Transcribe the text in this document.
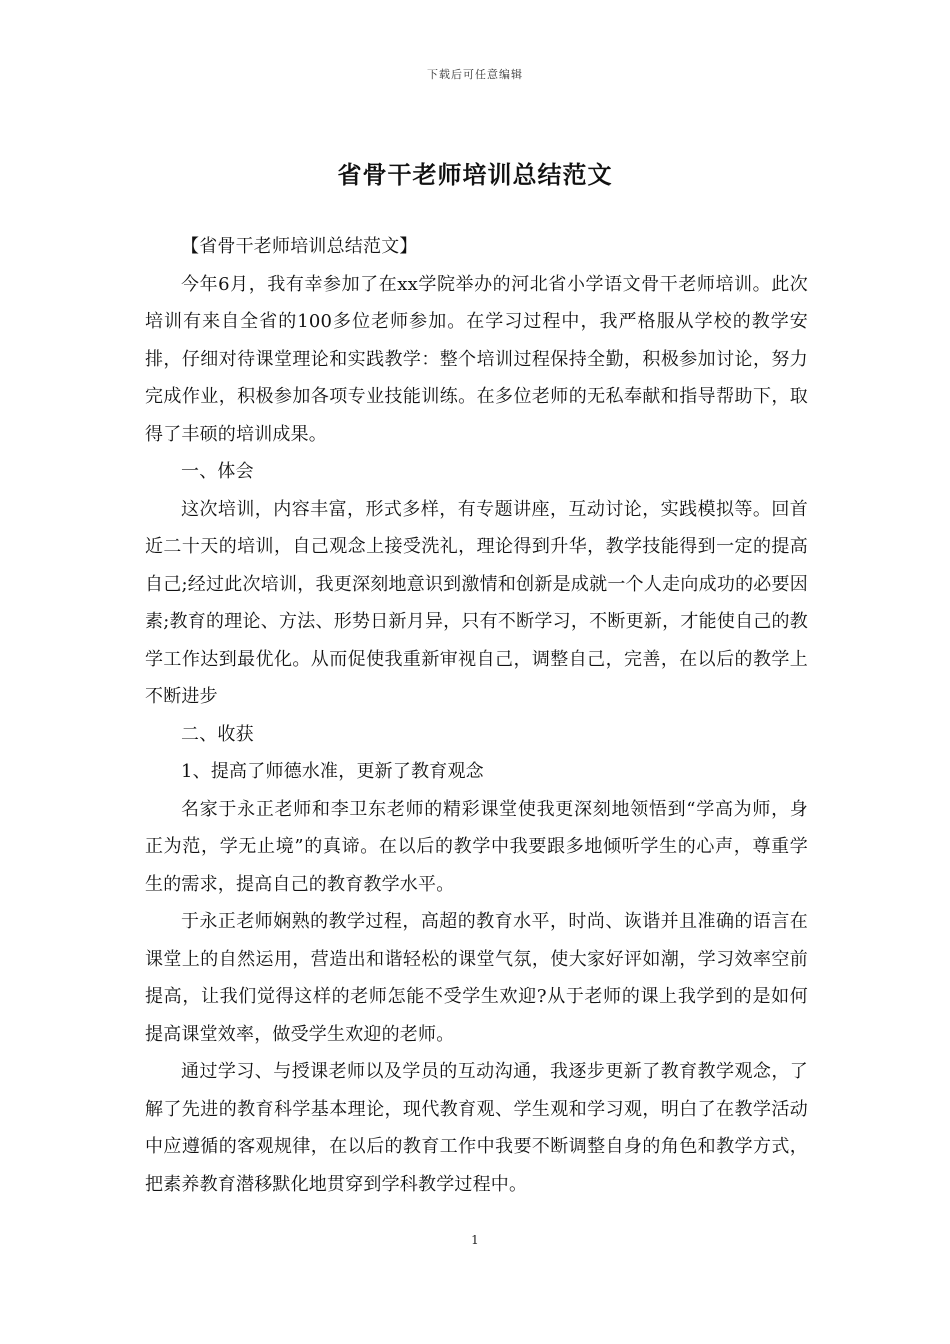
下载后可任意编辑
省骨干老师培训总结范文

【省骨干老师培训总结范文】

今年6月，我有幸参加了在xx学院举办的河北省小学语文骨干老师培训。此次培训有来自全省的100多位老师参加。在学习过程中，我严格服从学校的教学安排，仔细对待课堂理论和实践教学：整个培训过程保持全勤，积极参加讨论，努力完成作业，积极参加各项专业技能训练。在多位老师的无私奉献和指导帮助下，取得了丰硕的培训成果。

一、体会

这次培训，内容丰富，形式多样，有专题讲座，互动讨论，实践模拟等。回首近二十天的培训，自己观念上接受洗礼，理论得到升华，教学技能得到一定的提高自己;经过此次培训，我更深刻地意识到激情和创新是成就一个人走向成功的必要因素;教育的理论、方法、形势日新月异，只有不断学习，不断更新，才能使自己的教学工作达到最优化。从而促使我重新审视自己，调整自己，完善，在以后的教学上不断进步

二、收获

1、提高了师德水准，更新了教育观念

名家于永正老师和李卫东老师的精彩课堂使我更深刻地领悟到“学高为师，身正为范，学无止境”的真谛。在以后的教学中我要跟多地倾听学生的心声，尊重学生的需求，提高自己的教育教学水平。

于永正老师娴熟的教学过程，高超的教育水平，时尚、诙谐并且准确的语言在课堂上的自然运用，营造出和谐轻松的课堂气氛，使大家好评如潮，学习效率空前提高，让我们觉得这样的老师怎能不受学生欢迎?从于老师的课上我学到的是如何提高课堂效率，做受学生欢迎的老师。

通过学习、与授课老师以及学员的互动沟通，我逐步更新了教育教学观念，了解了先进的教育科学基本理论，现代教育观、学生观和学习观，明白了在教学活动中应遵循的客观规律，在以后的教育工作中我要不断调整自身的角色和教学方式，把素养教育潜移默化地贯穿到学科教学过程中。

1
